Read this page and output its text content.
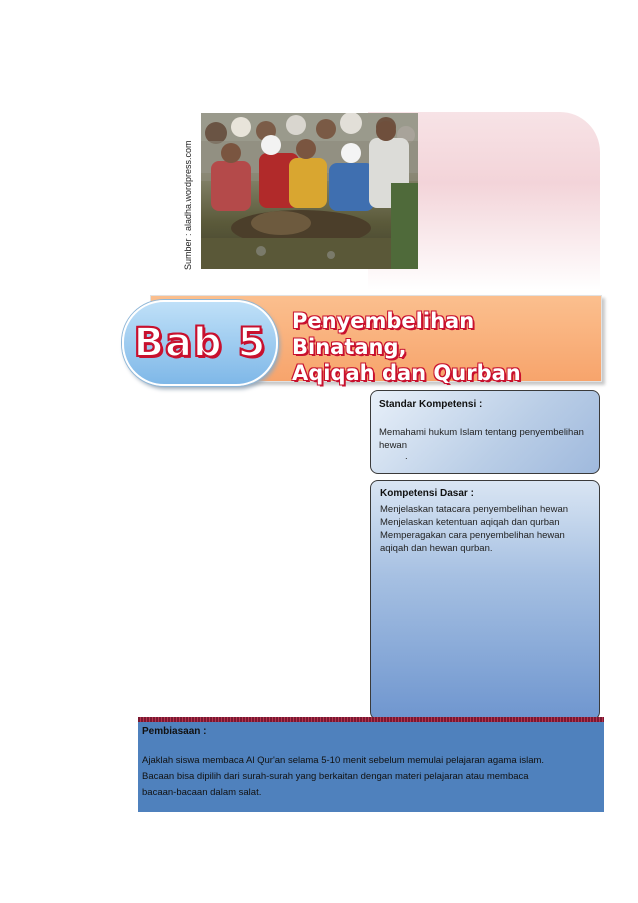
Sumber : aladha.wordpress.com
Bab 5 Penyembelihan Binatang,
Aqiqah dan Qurban
Standar Kompetensi :
Memahami hukum Islam tentang penyembelihan hewan
.
Kompetensi Dasar :
Menjelaskan tatacara penyembelihan hewan
Menjelaskan ketentuan aqiqah dan qurban
Memperagakan cara penyembelihan hewan aqiqah dan hewan qurban.
Pembiasaan :
Ajaklah siswa membaca Al Qur'an selama 5-10 menit sebelum memulai pelajaran agama islam.
Bacaan bisa dipilih dari surah-surah yang berkaitan dengan materi pelajaran atau membaca
bacaan-bacaan dalam salat.
